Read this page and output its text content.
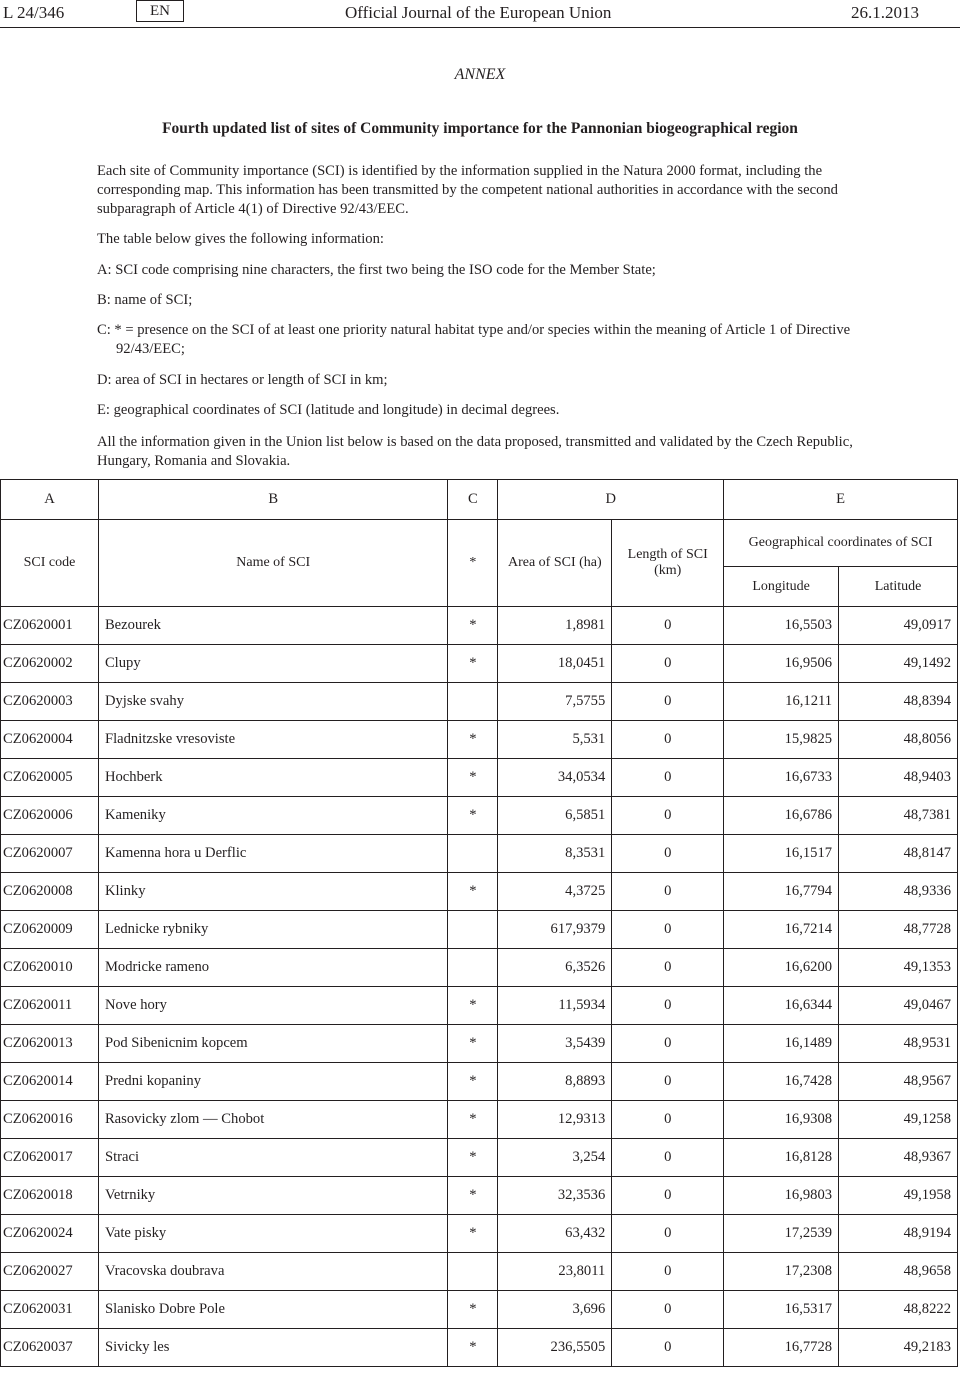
L 24/346	EN	Official Journal of the European Union	26.1.2013
ANNEX
Fourth updated list of sites of Community importance for the Pannonian biogeographical region
Each site of Community importance (SCI) is identified by the information supplied in the Natura 2000 format, including the corresponding map. This information has been transmitted by the competent national authorities in accordance with the second subparagraph of Article 4(1) of Directive 92/43/EEC.
The table below gives the following information:
A: SCI code comprising nine characters, the first two being the ISO code for the Member State;
B: name of SCI;
C: * = presence on the SCI of at least one priority natural habitat type and/or species within the meaning of Article 1 of Directive 92/43/EEC;
D: area of SCI in hectares or length of SCI in km;
E: geographical coordinates of SCI (latitude and longitude) in decimal degrees.
All the information given in the Union list below is based on the data proposed, transmitted and validated by the Czech Republic, Hungary, Romania and Slovakia.
A	B	C	D		E	
SCI code	Name of SCI	*	Area of SCI (ha)	Length of SCI (km)	Geographical coordinates of SCI	
					Longitude	Latitude
CZ0620001	Bezourek	*	1,8981	0	16,5503	49,0917
CZ0620002	Clupy	*	18,0451	0	16,9506	49,1492
CZ0620003	Dyjske svahy		7,5755	0	16,1211	48,8394
CZ0620004	Fladnitzske vresoviste	*	5,531	0	15,9825	48,8056
CZ0620005	Hochberk	*	34,0534	0	16,6733	48,9403
CZ0620006	Kameniky	*	6,5851	0	16,6786	48,7381
CZ0620007	Kamenna hora u Derflic		8,3531	0	16,1517	48,8147
CZ0620008	Klinky	*	4,3725	0	16,7794	48,9336
CZ0620009	Lednicke rybniky		617,9379	0	16,7214	48,7728
CZ0620010	Modricke rameno		6,3526	0	16,6200	49,1353
CZ0620011	Nove hory	*	11,5934	0	16,6344	49,0467
CZ0620013	Pod Sibenicnim kopcem	*	3,5439	0	16,1489	48,9531
CZ0620014	Predni kopaniny	*	8,8893	0	16,7428	48,9567
CZ0620016	Rasovicky zlom — Chobot	*	12,9313	0	16,9308	49,1258
CZ0620017	Straci	*	3,254	0	16,8128	48,9367
CZ0620018	Vetrniky	*	32,3536	0	16,9803	49,1958
CZ0620024	Vate pisky	*	63,432	0	17,2539	48,9194
CZ0620027	Vracovska doubrava		23,8011	0	17,2308	48,9658
CZ0620031	Slanisko Dobre Pole	*	3,696	0	16,5317	48,8222
CZ0620037	Sivicky les	*	236,5505	0	16,7728	49,2183
